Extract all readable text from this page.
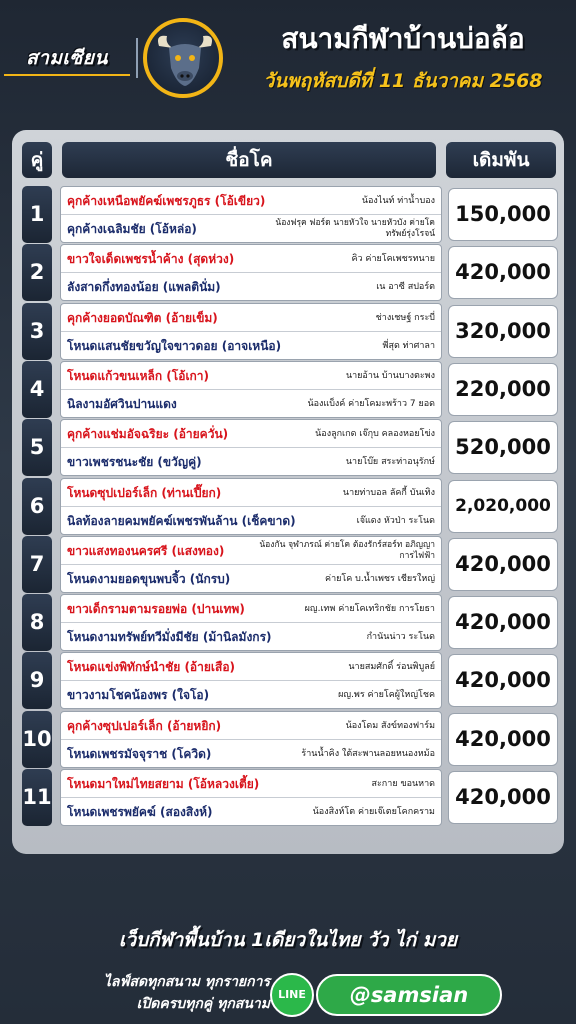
สามเซียน
สนามกีฬาบ้านบ่อล้อ
วันพฤหัสบดีที่ 11 ธันวาคม 2568
คู่	ชื่อโค	เดิมพัน
1
คุกค้างเหนือพยัคฆ์เพชรภูธร (โอ้เขียว)	น้องไนท์ ท่าน้ำบอง
คุกค้างเฉลิมชัย (โอ้หล่อ)	น้องฟรุค ฟอร์ด นายหัวใจ นายหัวบัง ค่ายโคทรัพย์รุ่งโรจน์
150,000
2
ขาวใจเด็ดเพชรน้ำค้าง (สุดห่วง)	คิว ค่ายโคเพชรทนาย
ลังสาดกึ่งทองน้อย (แพลตินั่ม)	เน อาซี สปอร์ต
420,000
3
คุกค้างยอดบัณฑิต (อ้ายเข็ม)	ช่างเชษฐ์ กระบี่
โหนดแสนชัยขวัญใจขาวดอย (อาจเหนือ)	พี่สุด ท่าศาลา
320,000
4
โหนดแก้วขนเหล็ก (โอ้เกา)	นายอ้าน บ้านบางตะพง
นิลงามอัศวินปานแดง	น้องแบ็งค์ ค่ายโคมะพร้าว 7 ยอด
220,000
5
คุกค้างแช่มอัจฉริยะ (อ้ายควั่น)	น้องลูกเกด เจ๊กุบ คลองหอยโข่ง
ขาวเพชรชนะชัย (ขวัญคู่)	นายโบ๊ย สระท่าอนุรักษ์
520,000
6
โหนดซุปเปอร์เล็ก (ท่านเปี๊ยก)	นายท่าบอล ลัคกี้ บันเทิง
นิลท้องลายคมพยัคฆ์เพชรพันล้าน (เช็คขาด)	เจ๊แดง หัวป่า ระโนด
2,020,000
7
ขาวแสงทองนครศรี (แสงทอง)	น้องกัน จุฬาภรณ์ ค่ายโค ต้องรักร์สอร์ท อภิญญาการไฟฟ้า
โหนดงามยอดขุนพบจิ้ว (นักรบ)	ค่ายโค บ.น้ำเพชร เชียรใหญ่
420,000
8
ขาวเด็กรามตามรอยพ่อ (ปานเทพ)	ผญ.เทพ ค่ายโคเทริกชัย การโยธา
โหนดงามทรัพย์ทวีมั่งมีชัย (ม้านิลมังกร)	กำนันน่าว ระโนด
420,000
9
โหนดแข่งพิทักษ์นำชัย (อ้ายเสือ)	นายสมศักดิ์ ร่อนพิบูลย์
ขาวงามโชคน้องพร (ใจโอ)	ผญ.พร ค่ายโคผู้ใหญ่โชค
420,000
10
คุกค้างซุปเปอร์เล็ก (อ้ายหยิก)	น้องโดม สังข์ทองฟาร์ม
โหนดเพชรมัจจุราช (โควิด)	ร้านน้ำคิง ใต้สะพานลอยหนองหม้อ
420,000
11
โหนดมาใหม่ไทยสยาม (โอ้หลวงเตี้ย)	สะกาย ขอนหาด
โหนดเพชรพยัคฆ์ (สองสิงห์)	น้องสิงห์โต ค่ายเจ๊เตยโคกคราม
420,000
เว็บกีฬาพื้นบ้าน 1เดียวในไทย วัว ไก่ มวย
ไลฟ์สดทุกสนาม ทุกรายการ
เปิดครบทุกคู่ ทุกสนาม
LINE	@samsian
